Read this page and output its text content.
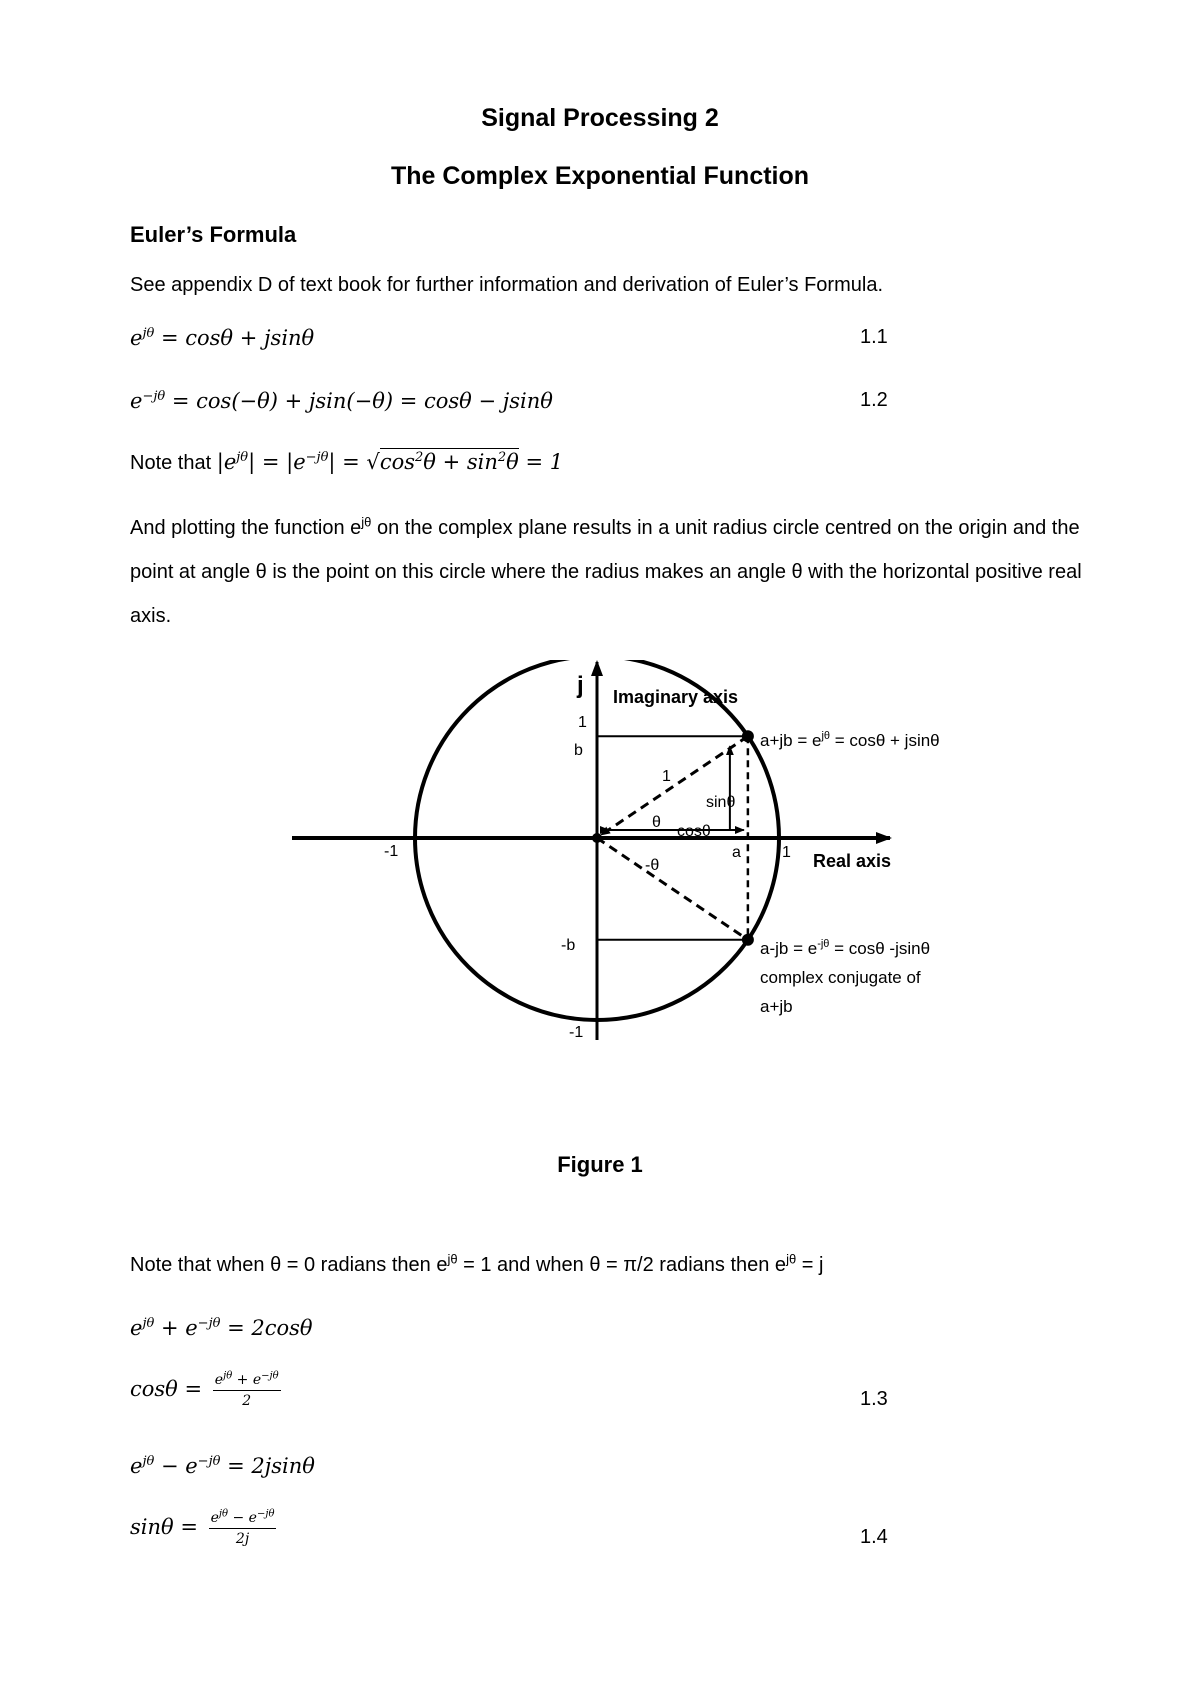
Signal Processing 2
The Complex Exponential Function
Euler’s Formula
See appendix D of text book for further information and derivation of Euler’s Formula.
$e^{j\theta} = \cos\theta + jsin\theta$	1.1
$e^{-j\theta} = \cos(-\theta) + jsin(-\theta) = \cos\theta - jsin\theta$	1.2
Note that $|e^{j\theta}| = |e^{-j\theta}| = √\cos^2\theta + \sin^2\theta = 1$
And plotting the function $e^{j\theta}$ on the complex plane results in a unit radius circle centred on the origin and the point at angle θ is the point on this circle where the radius makes an angle θ with the horizontal positive real axis.
j Imaginary axis
1
b
-b
-1
-1	1
a	Real axis
1
θ
-θ
sinθ
cosθ
$a+jb = e^{j\theta} = \cos\theta + jsin\theta$
$a-jb = e^{-j\theta} = \cos\theta$ -jsinθ
complex conjugate of
a+jb
Figure 1
Note that when θ = 0 radians then $e^{j\theta} = 1$ and when θ = π/2 radians then $e^{j\theta} = j$
$e^{j\theta} + e^{-j\theta} = 2\cos\theta$
$\cos\theta = \frac{e^{j\theta} + e^{-j\theta}}{2}$	1.3
$e^{j\theta} - e^{-j\theta} = 2jsin\theta$
$\sin\theta = \frac{e^{j\theta} - e^{-j\theta}}{2j}$	1.4
